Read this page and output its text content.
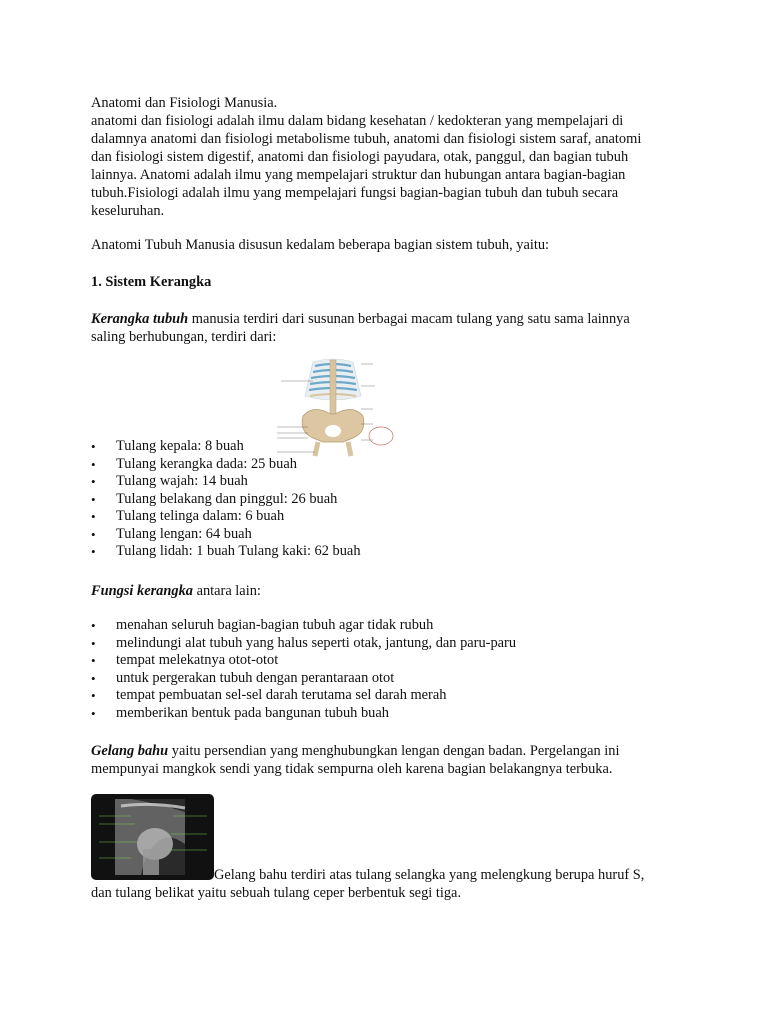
Anatomi dan Fisiologi Manusia.

anatomi dan fisiologi adalah ilmu dalam bidang kesehatan / kedokteran yang mempelajari di

dalamnya anatomi dan fisiologi metabolisme tubuh, anatomi dan fisiologi sistem saraf, anatomi

dan fisiologi sistem digestif, anatomi dan fisiologi payudara, otak, panggul, dan bagian tubuh

lainnya. Anatomi adalah ilmu yang mempelajari struktur dan hubungan antara bagian-bagian

tubuh.Fisiologi adalah ilmu yang mempelajari fungsi bagian-bagian tubuh dan tubuh secara

keseluruhan.

Anatomi Tubuh Manusia disusun kedalam beberapa bagian sistem tubuh, yaitu:

1. Sistem Kerangka

Kerangka tubuh manusia terdiri dari susunan berbagai macam tulang yang satu sama lainnya

saling berhubungan, terdiri dari:

•	Tulang kepala: 8 buah
•	Tulang kerangka dada: 25 buah
•	Tulang wajah: 14 buah
•	Tulang belakang dan pinggul: 26 buah
•	Tulang telinga dalam: 6 buah
•	Tulang lengan: 64 buah
•	Tulang lidah: 1 buah Tulang kaki: 62 buah

Fungsi kerangka antara lain:

•	menahan seluruh bagian-bagian tubuh agar tidak rubuh
•	melindungi alat tubuh yang halus seperti otak, jantung, dan paru-paru
•	tempat melekatnya otot-otot
•	untuk pergerakan tubuh dengan perantaraan otot
•	tempat pembuatan sel-sel darah terutama sel darah merah
•	memberikan bentuk pada bangunan tubuh buah

Gelang bahu yaitu persendian yang menghubungkan lengan dengan badan. Pergelangan ini

mempunyai mangkok sendi yang tidak sempurna oleh karena bagian belakangnya terbuka.

Gelang bahu terdiri atas tulang selangka yang melengkung berupa huruf S,

dan tulang belikat yaitu sebuah tulang ceper berbentuk segi tiga.
